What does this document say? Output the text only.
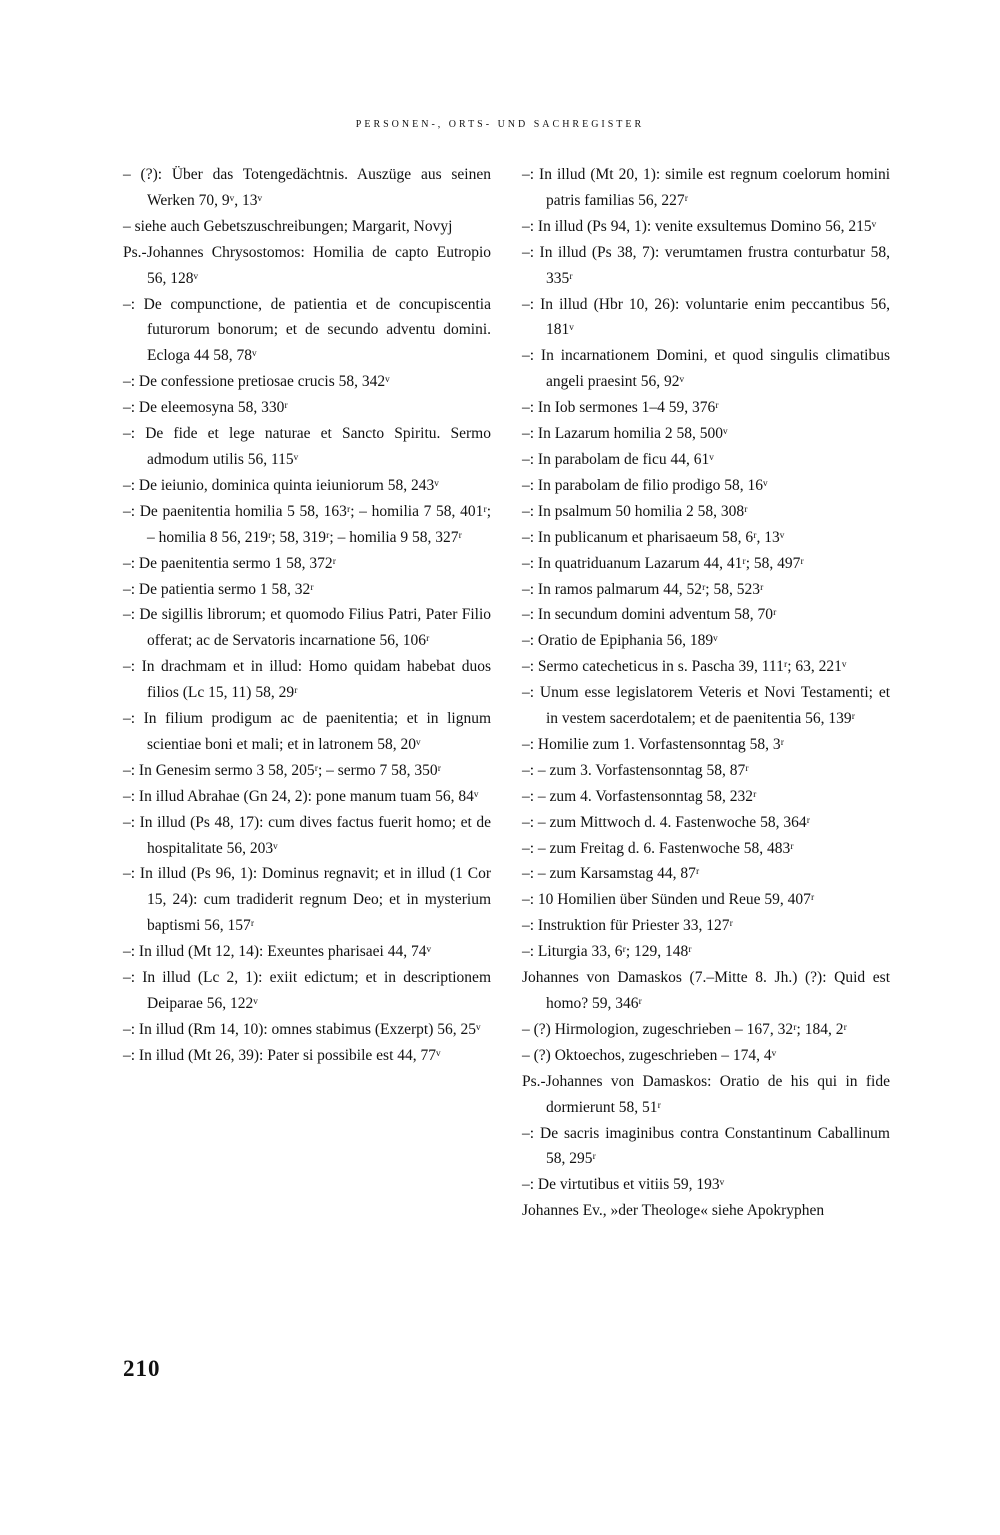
PERSONEN-, ORTS- UND SACHREGISTER

– (?): Über das Totengedächtnis. Auszüge aus seinen Werken 70, 9ᵛ, 13ᵛ

– siehe auch Gebetszuschreibungen; Margarit, Novyj

Ps.-Johannes Chrysostomos: Homilia de capto Eutropio 56, 128ᵛ

–: De compunctione, de patientia et de concupiscentia futurorum bonorum; et de secundo adventu domini. Ecloga 44 58, 78ᵛ

–: De confessione pretiosae crucis 58, 342ᵛ

–: De eleemosyna 58, 330ʳ

–: De fide et lege naturae et Sancto Spiritu. Sermo admodum utilis 56, 115ᵛ

–: De ieiunio, dominica quinta ieiuniorum 58, 243ᵛ

–: De paenitentia homilia 5 58, 163ʳ; – homilia 7 58, 401ʳ; – homilia 8 56, 219ʳ; 58, 319ʳ; – homilia 9 58, 327ʳ

–: De paenitentia sermo 1 58, 372ʳ

–: De patientia sermo 1 58, 32ʳ

–: De sigillis librorum; et quomodo Filius Patri, Pater Filio offerat; ac de Servatoris incarnatione 56, 106ʳ

–: In drachmam et in illud: Homo quidam habebat duos filios (Lc 15, 11) 58, 29ʳ

–: In filium prodigum ac de paenitentia; et in lignum scientiae boni et mali; et in latronem 58, 20ᵛ

–: In Genesim sermo 3 58, 205ʳ; – sermo 7 58, 350ʳ

–: In illud Abrahae (Gn 24, 2): pone manum tuam 56, 84ᵛ

–: In illud (Ps 48, 17): cum dives factus fuerit homo; et de hospitalitate 56, 203ᵛ

–: In illud (Ps 96, 1): Dominus regnavit; et in illud (1 Cor 15, 24): cum tradiderit regnum Deo; et in mysterium baptismi 56, 157ʳ

–: In illud (Mt 12, 14): Exeuntes pharisaei 44, 74ᵛ

–: In illud (Lc 2, 1): exiit edictum; et in descriptionem Deiparae 56, 122ᵛ

–: In illud (Rm 14, 10): omnes stabimus (Exzerpt) 56, 25ᵛ

–: In illud (Mt 26, 39): Pater si possibile est 44, 77ᵛ

–: In illud (Mt 20, 1): simile est regnum coelorum homini patris familias 56, 227ʳ

–: In illud (Ps 94, 1): venite exsultemus Domino 56, 215ᵛ

–: In illud (Ps 38, 7): verumtamen frustra conturbatur 58, 335ʳ

–: In illud (Hbr 10, 26): voluntarie enim peccantibus 56, 181ᵛ

–: In incarnationem Domini, et quod singulis climatibus angeli praesint 56, 92ᵛ

–: In Iob sermones 1–4 59, 376ʳ

–: In Lazarum homilia 2 58, 500ᵛ

–: In parabolam de ficu 44, 61ᵛ

–: In parabolam de filio prodigo 58, 16ᵛ

–: In psalmum 50 homilia 2 58, 308ʳ

–: In publicanum et pharisaeum 58, 6ʳ, 13ᵛ

–: In quatriduanum Lazarum 44, 41ʳ; 58, 497ʳ

–: In ramos palmarum 44, 52ʳ; 58, 523ʳ

–: In secundum domini adventum 58, 70ʳ

–: Oratio de Epiphania 56, 189ᵛ

–: Sermo catecheticus in s. Pascha 39, 111ʳ; 63, 221ᵛ

–: Unum esse legislatorem Veteris et Novi Testamenti; et in vestem sacerdotalem; et de paenitentia 56, 139ʳ

–: Homilie zum 1. Vorfastensonntag 58, 3ʳ

–: – zum 3. Vorfastensonntag 58, 87ʳ

–: – zum 4. Vorfastensonntag 58, 232ʳ

–: – zum Mittwoch d. 4. Fastenwoche 58, 364ʳ

–: – zum Freitag d. 6. Fastenwoche 58, 483ʳ

–: – zum Karsamstag 44, 87ʳ

–: 10 Homilien über Sünden und Reue 59, 407ʳ

–: Instruktion für Priester 33, 127ʳ

–: Liturgia 33, 6ʳ; 129, 148ʳ

Johannes von Damaskos (7.–Mitte 8. Jh.) (?): Quid est homo? 59, 346ʳ

– (?) Hirmologion, zugeschrieben – 167, 32ʳ; 184, 2ʳ

– (?) Oktoechos, zugeschrieben – 174, 4ᵛ

Ps.-Johannes von Damaskos: Oratio de his qui in fide dormierunt 58, 51ʳ

–: De sacris imaginibus contra Constantinum Caballinum 58, 295ʳ

–: De virtutibus et vitiis 59, 193ᵛ

Johannes Ev., »der Theologe« siehe Apokryphen

210
